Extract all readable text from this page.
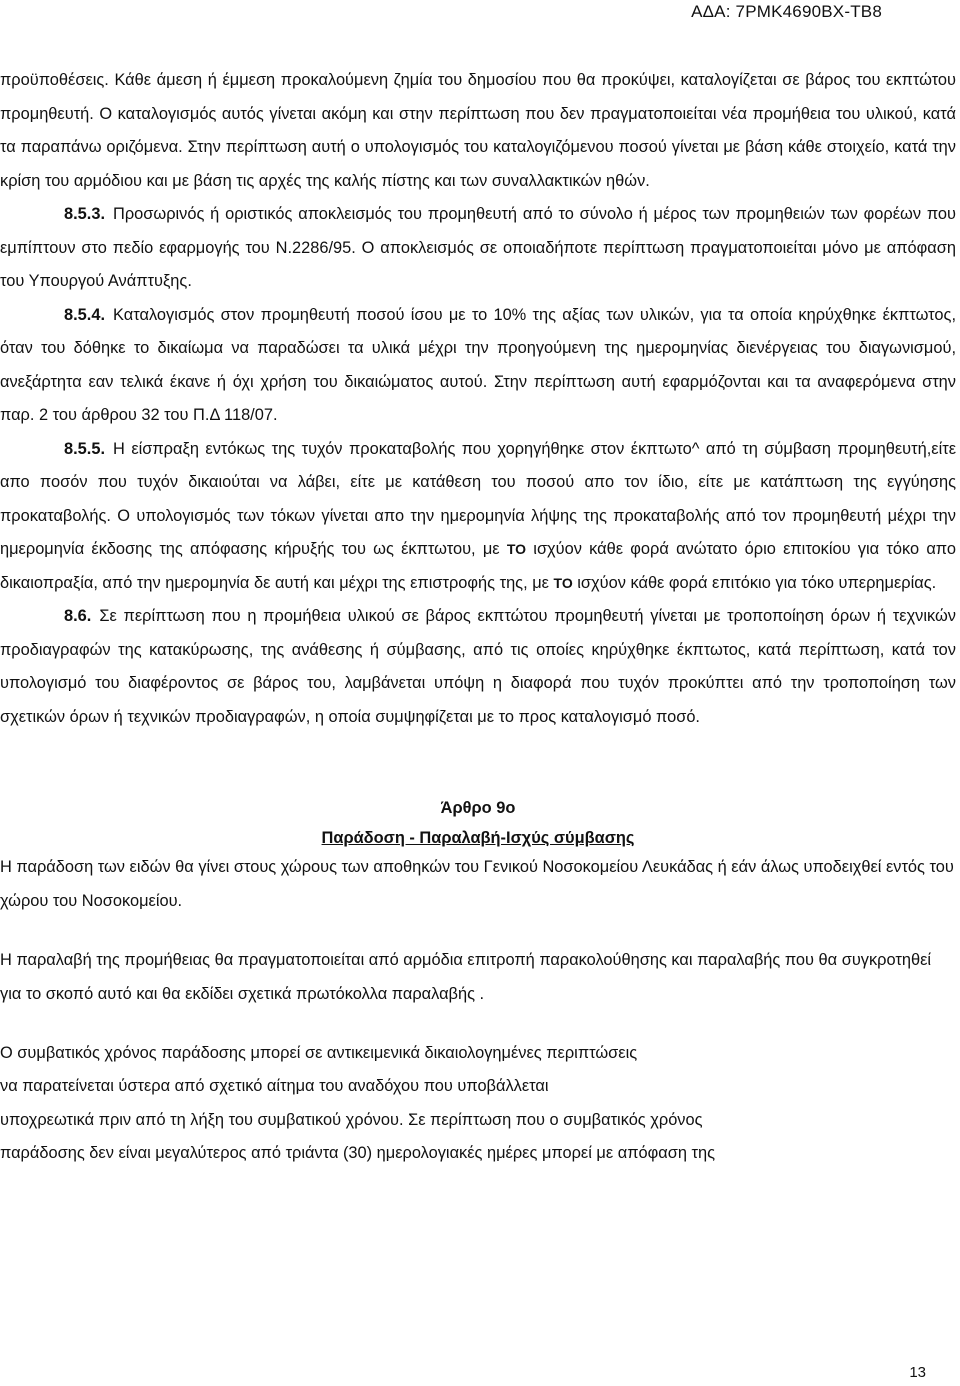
ΑΔΑ: 7ΡΜΚ4690ΒΧ-ΤΒ8

προϋποθέσεις. Κάθε άμεση ή έμμεση προκαλούμενη ζημία του δημοσίου που θα προκύψει, καταλογίζεται σε βάρος του εκπτώτου προμηθευτή. Ο καταλογισμός αυτός γίνεται ακόμη και στην περίπτωση που δεν πραγματοποιείται νέα προμήθεια του υλικού, κατά τα παραπάνω οριζόμενα. Στην περίπτωση αυτή ο υπολογισμός του καταλογιζόμενου ποσού γίνεται με βάση κάθε στοιχείο, κατά την κρίση του αρμόδιου και με βάση τις αρχές της καλής πίστης και των συναλλακτικών ηθών.

8.5.3. Προσωρινός ή οριστικός αποκλεισμός του προμηθευτή από το σύνολο ή μέρος των προμηθειών των φορέων που εμπίπτουν στο πεδίο εφαρμογής του Ν.2286/95. Ο αποκλεισμός σε οποιαδήποτε περίπτωση πραγματοποιείται μόνο με απόφαση του Υπουργού Ανάπτυξης.

8.5.4. Καταλογισμός στον προμηθευτή ποσού ίσου με το 10% της αξίας των υλικών, για τα οποία κηρύχθηκε έκπτωτος, όταν του δόθηκε το δικαίωμα να παραδώσει τα υλικά μέχρι την προηγούμενη της ημερομηνίας διενέργειας του διαγωνισμού, ανεξάρτητα εαν τελικά έκανε ή όχι χρήση του δικαιώματος αυτού. Στην περίπτωση αυτή εφαρμόζονται και τα αναφερόμενα στην παρ. 2 του άρθρου 32 του Π.Δ 118/07.

8.5.5. Η είσπραξη εντόκως της τυχόν προκαταβολής που χορηγήθηκε στον έκπτωτο^ από τη σύμβαση προμηθευτή,είτε απο ποσόν που τυχόν δικαιούται να λάβει, είτε με κατάθεση του ποσού απο τον ίδιο, είτε με κατάπτωση της εγγύησης προκαταβολής. Ο υπολογισμός των τόκων γίνεται απο την ημερομηνία λήψης της προκαταβολής από τον προμηθευτή μέχρι την ημερομηνία έκδοσης της απόφασης κήρυξής του ως έκπτωτου, με ΤΟ ισχύον κάθε φορά ανώτατο όριο επιτοκίου για τόκο απο δικαιοπραξία, από την ημερομηνία δε αυτή και μέχρι της επιστροφής της, με ΤΟ ισχύον κάθε φορά επιτόκιο για τόκο υπερημερίας.

8.6. Σε περίπτωση που η προμήθεια υλικού σε βάρος εκπτώτου προμηθευτή γίνεται με τροποποίηση όρων ή τεχνικών προδιαγραφών της κατακύρωσης, της ανάθεσης ή σύμβασης, από τις οποίες κηρύχθηκε έκπτωτος, κατά περίπτωση, κατά τον υπολογισμό του διαφέροντος σε βάρος του, λαμβάνεται υπόψη η διαφορά που τυχόν προκύπτει από την τροποποίηση των σχετικών όρων ή τεχνικών προδιαγραφών, η οποία συμψηφίζεται με το προς καταλογισμό ποσό.

Άρθρο 9ο

Παράδοση - Παραλαβή-Ισχύς σύμβασης

Η παράδοση των ειδών θα γίνει στους χώρους των αποθηκών του Γενικού Νοσοκομείου Λευκάδας ή εάν άλως υποδειχθεί εντός του χώρου του Νοσοκομείου.

Η παραλαβή της προμήθειας θα πραγματοποιείται από αρμόδια επιτροπή παρακολούθησης και παραλαβής που θα συγκροτηθεί για το σκοπό αυτό και θα εκδίδει σχετικά πρωτόκολλα παραλαβής .

Ο συμβατικός χρόνος παράδοσης μπορεί σε αντικειμενικά δικαιολογημένες περιπτώσεις

να παρατείνεται ύστερα από σχετικό αίτημα του αναδόχου που υποβάλλεται

υποχρεωτικά πριν από τη λήξη του συμβατικού χρόνου. Σε περίπτωση που ο συμβατικός χρόνος

παράδοσης δεν είναι μεγαλύτερος από τριάντα (30) ημερολογιακές ημέρες μπορεί με απόφαση της

13
